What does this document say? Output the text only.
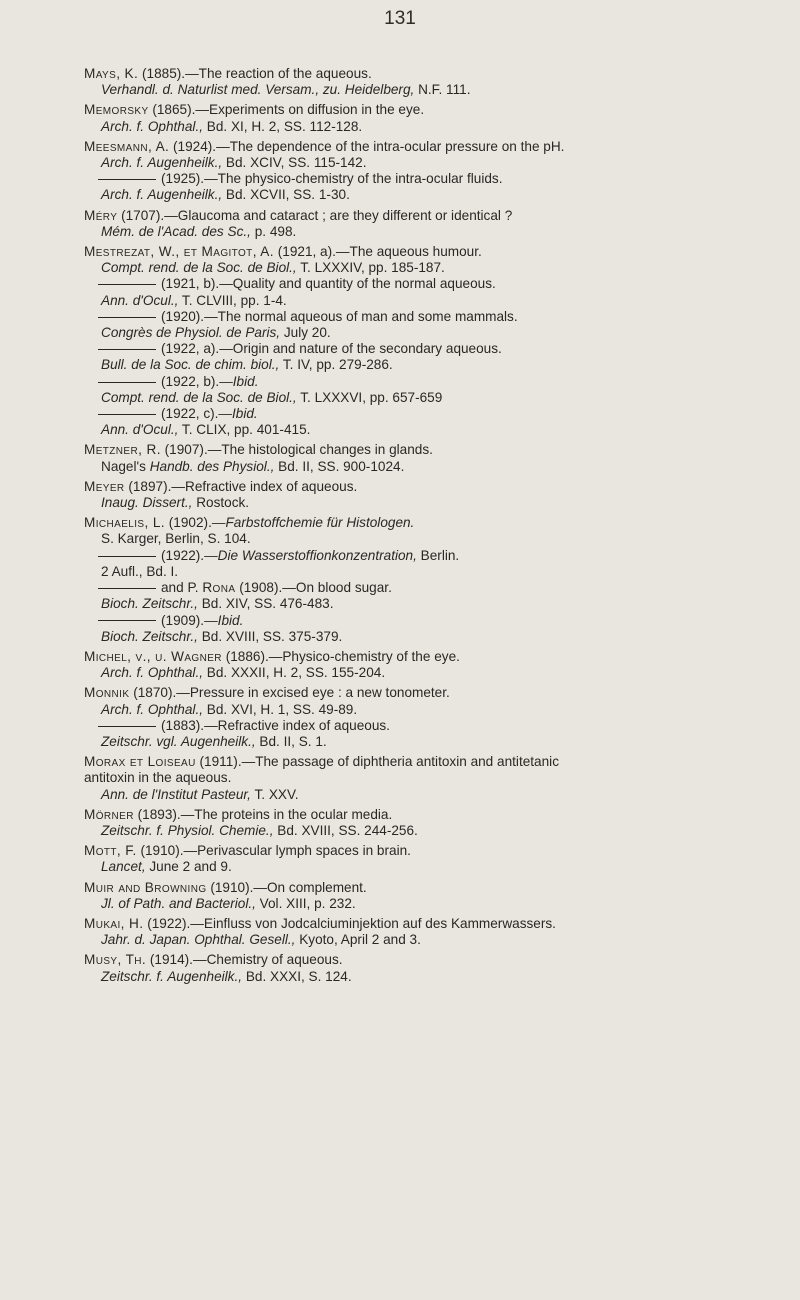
131
Mays, K. (1885).—The reaction of the aqueous.
Verhandl. d. Naturlist med. Versam., zu. Heidelberg, N.F. 111.
Memorsky (1865).—Experiments on diffusion in the eye.
Arch. f. Ophthal., Bd. XI, H. 2, SS. 112-128.
Meesmann, A. (1924).—The dependence of the intra-ocular pressure on the pH.
Arch. f. Augenheilk., Bd. XCIV, SS. 115-142.
(1925).—The physico-chemistry of the intra-ocular fluids.
Arch. f. Augenheilk., Bd. XCVII, SS. 1-30.
Méry (1707).—Glaucoma and cataract ; are they different or identical ?
Mém. de l'Acad. des Sc., p. 498.
Mestrezat, W., et Magitot, A. (1921, a).—The aqueous humour.
Compt. rend. de la Soc. de Biol., T. LXXXIV, pp. 185-187.
(1921, b).—Quality and quantity of the normal aqueous.
Ann. d'Ocul., T. CLVIII, pp. 1-4.
(1920).—The normal aqueous of man and some mammals.
Congrès de Physiol. de Paris, July 20.
(1922, a).—Origin and nature of the secondary aqueous.
Bull. de la Soc. de chim. biol., T. IV, pp. 279-286.
(1922, b).—Ibid.
Compt. rend. de la Soc. de Biol., T. LXXXVI, pp. 657-659
(1922, c).—Ibid.
Ann. d'Ocul., T. CLIX, pp. 401-415.
Metzner, R. (1907).—The histological changes in glands.
Nagel's Handb. des Physiol., Bd. II, SS. 900-1024.
Meyer (1897).—Refractive index of aqueous.
Inaug. Dissert., Rostock.
Michaelis, L. (1902).—Farbstoffchemie für Histologen.
S. Karger, Berlin, S. 104.
(1922).—Die Wasserstoffionkonzentration, Berlin.
2 Aufl., Bd. I.
and P. Rona (1908).—On blood sugar.
Bioch. Zeitschr., Bd. XIV, SS. 476-483.
(1909).—Ibid.
Bioch. Zeitschr., Bd. XVIII, SS. 375-379.
Michel, v., u. Wagner (1886).—Physico-chemistry of the eye.
Arch. f. Ophthal., Bd. XXXII, H. 2, SS. 155-204.
Monnik (1870).—Pressure in excised eye : a new tonometer.
Arch. f. Ophthal., Bd. XVI, H. 1, SS. 49-89.
(1883).—Refractive index of aqueous.
Zeitschr. vgl. Augenheilk., Bd. II, S. 1.
Morax et Loiseau (1911).—The passage of diphtheria antitoxin and antitetanic
antitoxin in the aqueous.
Ann. de l'Institut Pasteur, T. XXV.
Mörner (1893).—The proteins in the ocular media.
Zeitschr. f. Physiol. Chemie., Bd. XVIII, SS. 244-256.
Mott, F. (1910).—Perivascular lymph spaces in brain.
Lancet, June 2 and 9.
Muir and Browning (1910).—On complement.
Jl. of Path. and Bacteriol., Vol. XIII, p. 232.
Mukai, H. (1922).—Einfluss von Jodcalciuminjektion auf des Kammerwassers.
Jahr. d. Japan. Ophthal. Gesell., Kyoto, April 2 and 3.
Musy, Th. (1914).—Chemistry of aqueous.
Zeitschr. f. Augenheilk., Bd. XXXI, S. 124.
